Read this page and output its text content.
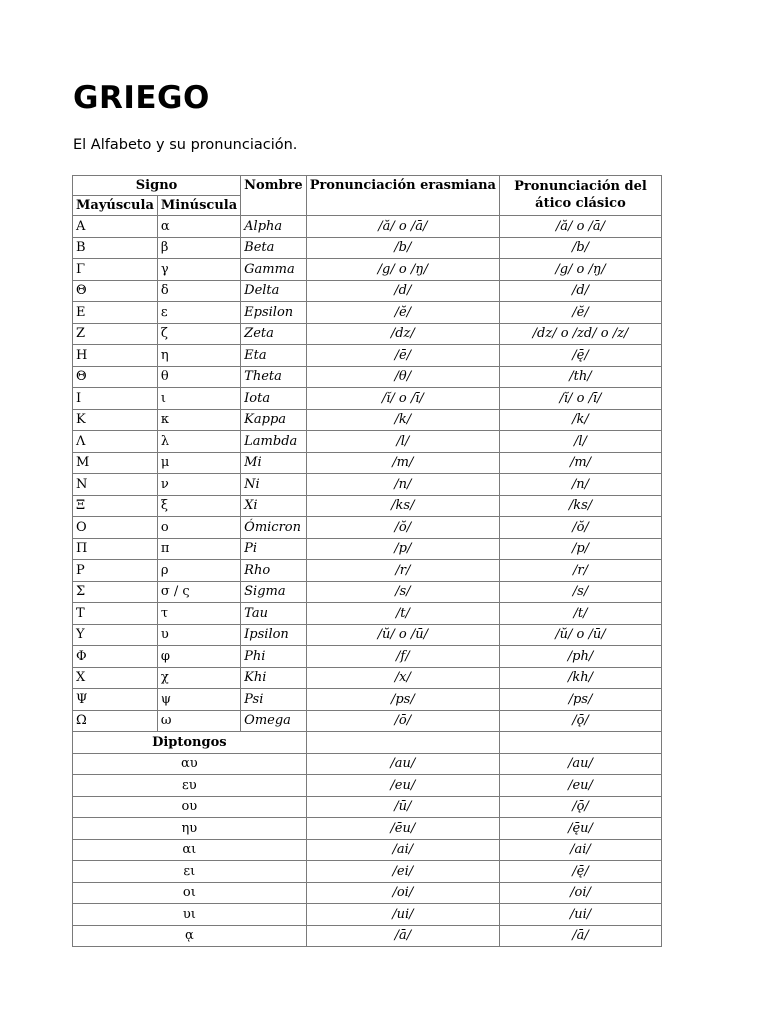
GRIEGO
El Alfabeto y su pronunciación.
Signo		Nombre	Pronunciación erasmiana	Pronunciación del ático clásico
Mayúscula	Minúscula			
Α	α	Alpha	/ă/ o /ā/	/ă/ o /ā/
Β	β	Beta	/b/	/b/
Γ	γ	Gamma	/g/ o /ŋ/	/g/ o /ŋ/
Θ	δ	Delta	/d/	/d/
Ε	ε	Epsilon	/ĕ/	/ĕ/
Ζ	ζ	Zeta	/dz/	/dz/ o /zd/ o /z/
Η	η	Eta	/ē/	/ę̄/
Θ	θ	Theta	/θ/	/th/
Ι	ι	Iota	/ĭ/ o /ī/	/ĭ/ o /ī/
Κ	κ	Kappa	/k/	/k/
Λ	λ	Lambda	/l/	/l/
Μ	μ	Mi	/m/	/m/
Ν	ν	Ni	/n/	/n/
Ξ	ξ	Xi	/ks/	/ks/
Ο	ο	Ómicron	/ŏ/	/ŏ/
Π	π	Pi	/p/	/p/
Ρ	ρ	Rho	/r/	/r/
Σ	σ / ς	Sigma	/s/	/s/
Τ	τ	Tau	/t/	/t/
Υ	υ	Ipsilon	/ŭ/ o /ū/	/ŭ/ o /ū/
Φ	φ	Phi	/f/	/ph/
Χ	χ	Khi	/x/	/kh/
Ψ	ψ	Psi	/ps/	/ps/
Ω	ω	Omega	/ō/	/ǭ/
Diptongos				
αυ			/au/	/au/
ευ			/eu/	/eu/
ου			/ū/	/ǭ/
ηυ			/ēu/	/ę̄u/
αι			/ai/	/ai/
ει			/ei/	/ę̄/
οι			/oi/	/oi/
υι			/ui/	/ui/
ᾳ			/ā/	/ā/
